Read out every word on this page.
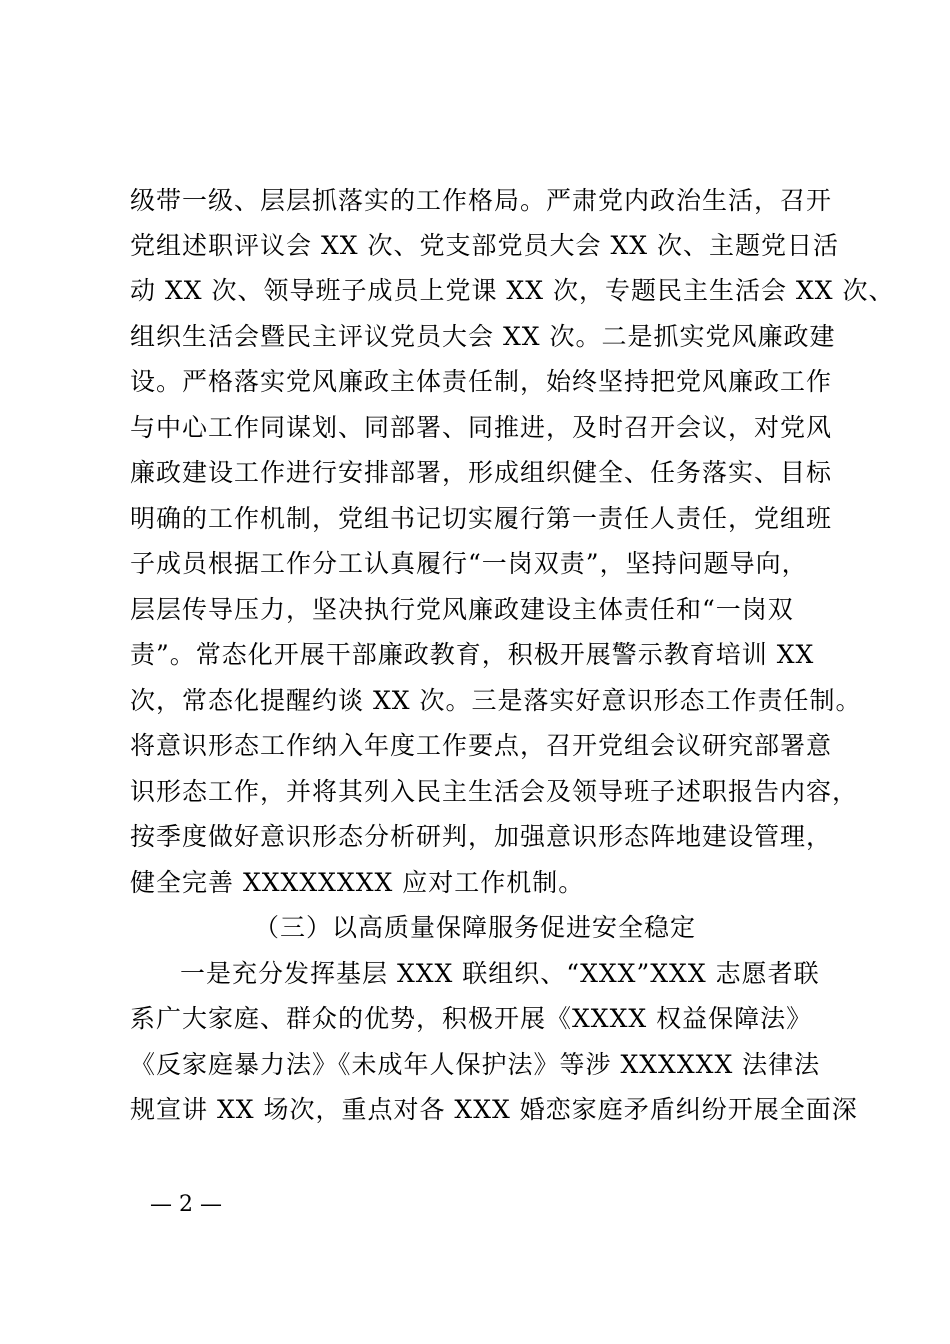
级带一级、层层抓落实的工作格局。严肃党内政治生活，召开
党组述职评议会 XX 次、党支部党员大会 XX 次、主题党日活
动 XX 次、领导班子成员上党课 XX 次，专题民主生活会 XX 次、
组织生活会暨民主评议党员大会 XX 次。二是抓实党风廉政建
设。严格落实党风廉政主体责任制，始终坚持把党风廉政工作
与中心工作同谋划、同部署、同推进，及时召开会议，对党风
廉政建设工作进行安排部署，形成组织健全、任务落实、目标
明确的工作机制，党组书记切实履行第一责任人责任，党组班
子成员根据工作分工认真履行“一岗双责”，坚持问题导向，
层层传导压力，坚决执行党风廉政建设主体责任和“一岗双
责”。常态化开展干部廉政教育，积极开展警示教育培训 XX
次，常态化提醒约谈 XX 次。三是落实好意识形态工作责任制。
将意识形态工作纳入年度工作要点，召开党组会议研究部署意
识形态工作，并将其列入民主生活会及领导班子述职报告内容，
按季度做好意识形态分析研判，加强意识形态阵地建设管理，
健全完善 XXXXXXXX 应对工作机制。
（三）以高质量保障服务促进安全稳定
一是充分发挥基层 XXX 联组织、“XXX”XXX 志愿者联
系广大家庭、群众的优势，积极开展《XXXX 权益保障法》
《反家庭暴力法》《未成年人保护法》等涉 XXXXXX 法律法
规宣讲 XX 场次，重点对各 XXX 婚恋家庭矛盾纠纷开展全面深
— 2 —
